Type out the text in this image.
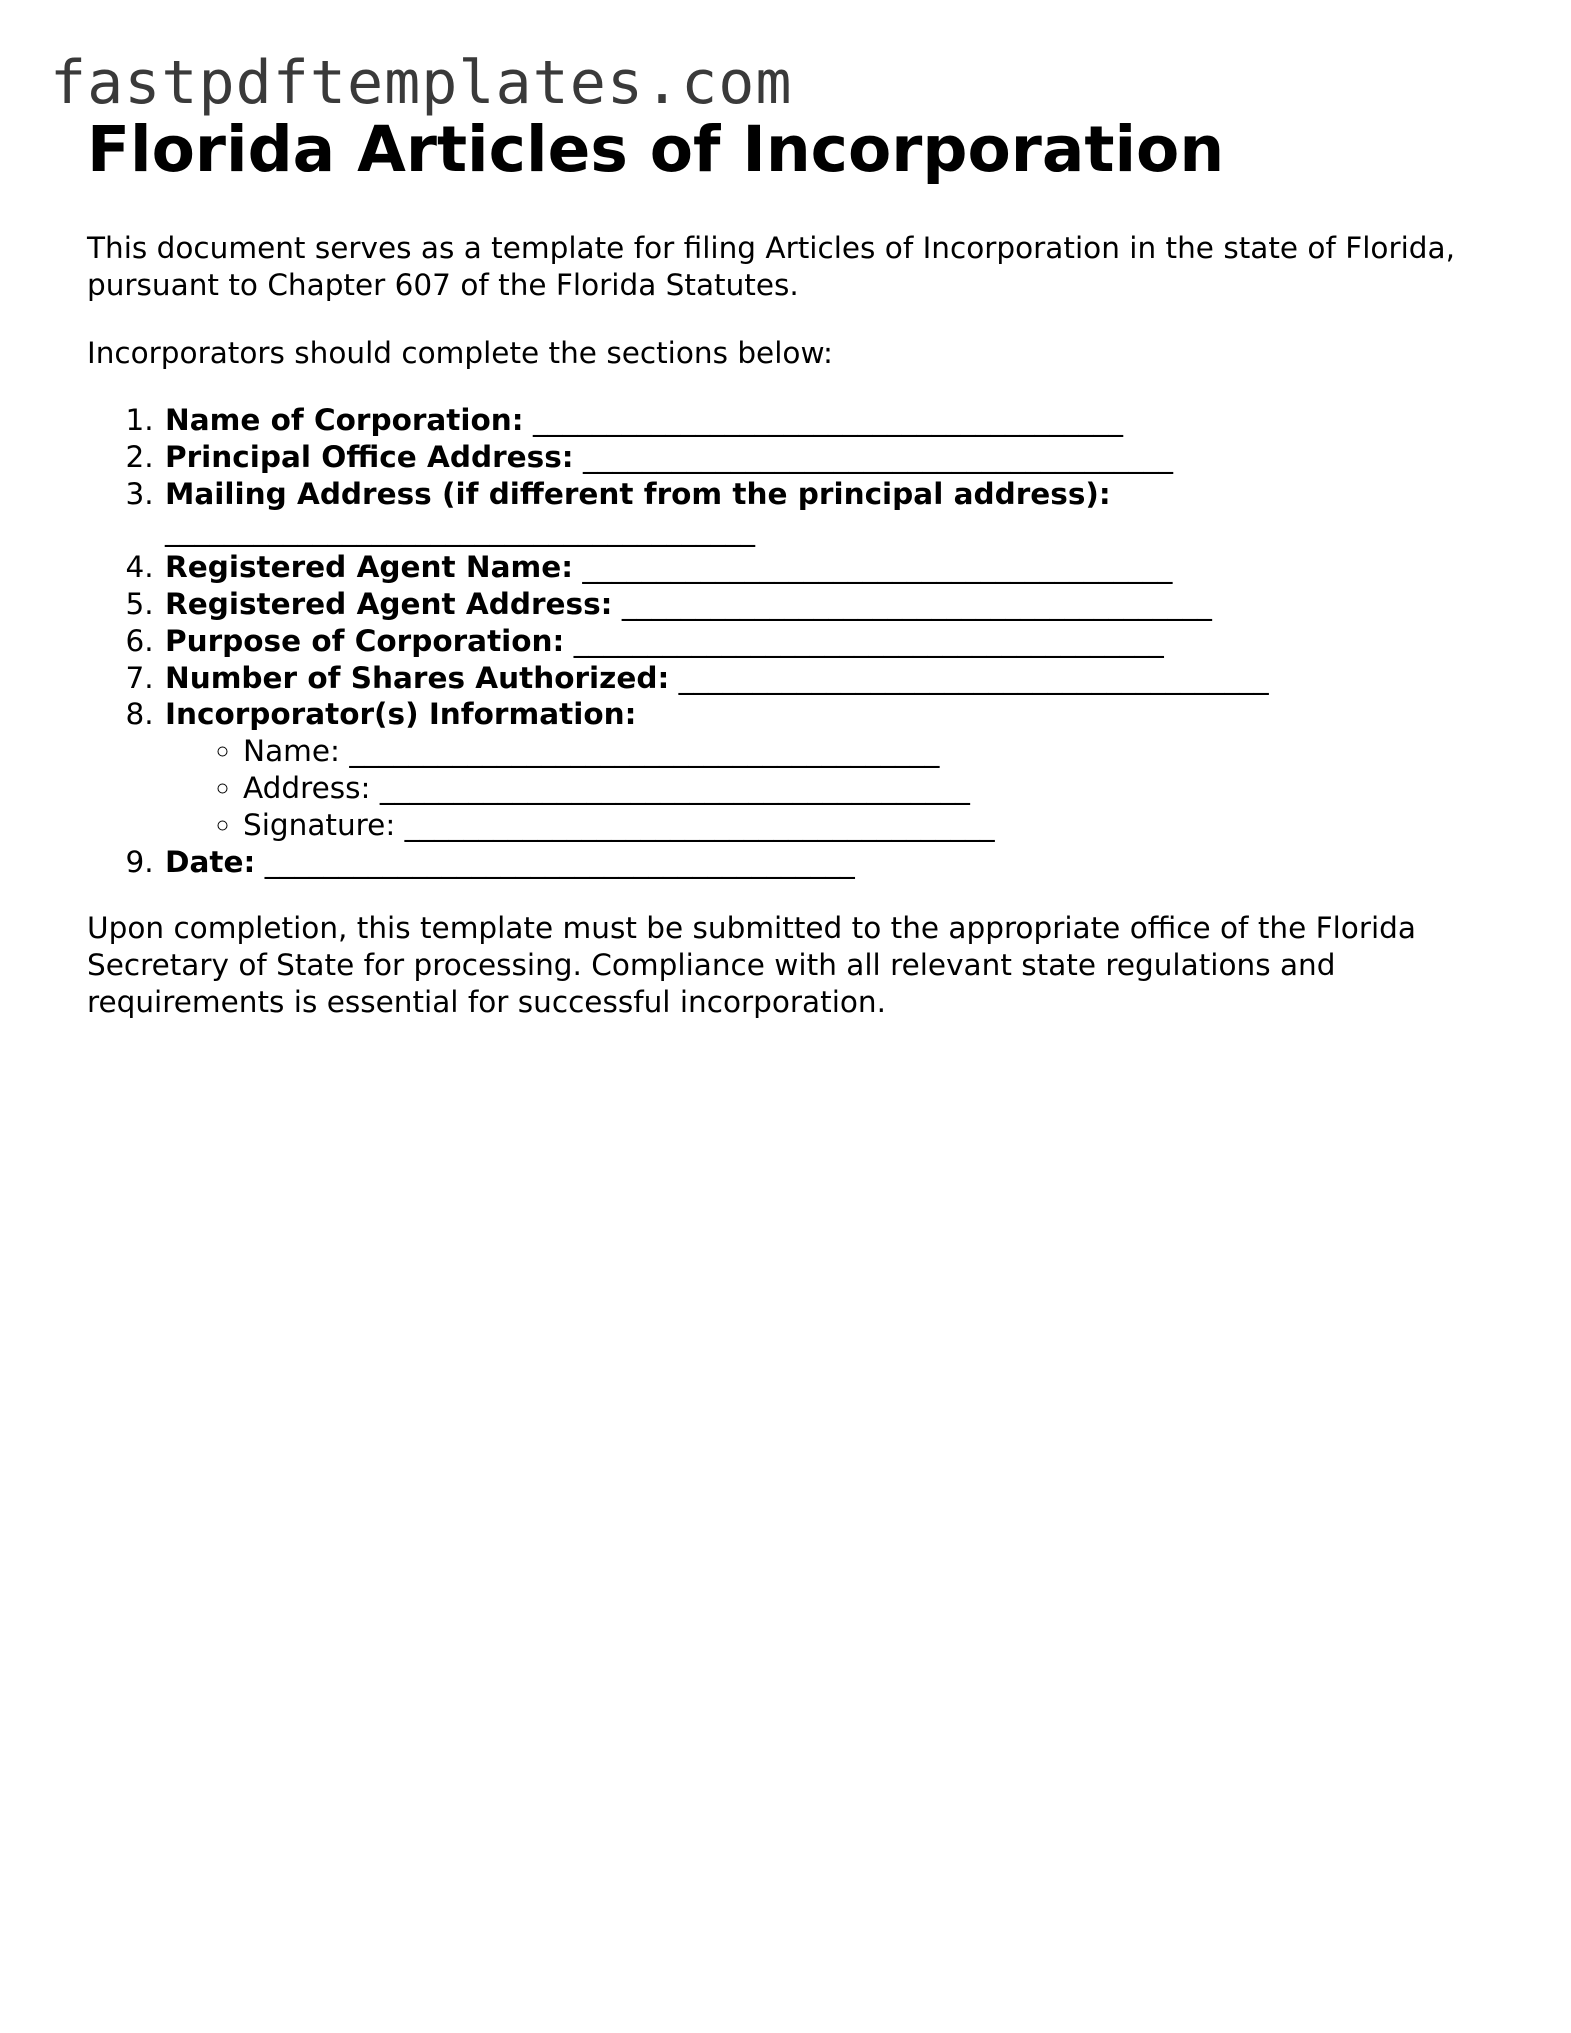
fastpdftemplates.com
Florida Articles of Incorporation

This document serves as a template for filing Articles of Incorporation in the state of Florida, pursuant to Chapter 607 of the Florida Statutes.

Incorporators should complete the sections below:

1. Name of Corporation: ________________________________________
2. Principal Office Address: ________________________________________
3. Mailing Address (if different from the principal address): ________________________________________
4. Registered Agent Name: ________________________________________
5. Registered Agent Address: ________________________________________
6. Purpose of Corporation: ________________________________________
7. Number of Shares Authorized: ________________________________________
8. Incorporator(s) Information:
◦ Name: ________________________________________
◦ Address: ________________________________________
◦ Signature: ________________________________________
9. Date: ________________________________________

Upon completion, this template must be submitted to the appropriate office of the Florida Secretary of State for processing. Compliance with all relevant state regulations and requirements is essential for successful incorporation.
